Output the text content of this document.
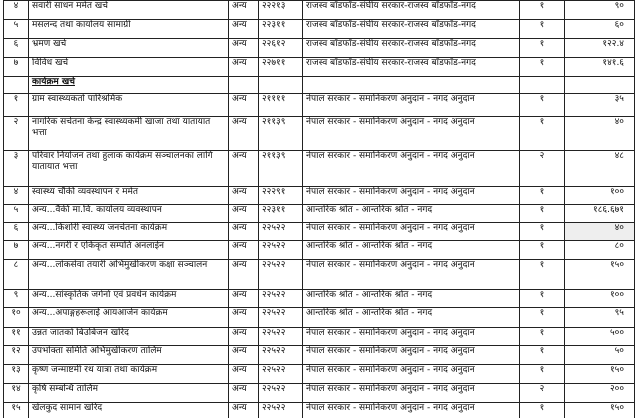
४	सवारी साधन मर्मत खर्च	अन्य	२२२१३	राजस्व बाँडफाँड-संघीय सरकार-राजस्व बाँडफाँड-नगद	१	९०
५	मसलन्द तथा कार्यालय सामाग्री	अन्य	२२३११	राजस्व बाँडफाँड-संघीय सरकार-राजस्व बाँडफाँड-नगद	१	६०
६	भ्रमण खर्च	अन्य	२२६१२	राजस्व बाँडफाँड-संघीय सरकार-राजस्व बाँडफाँड-नगद	१	१२२.४
७	विविध खर्च	अन्य	२२७११	राजस्व बाँडफाँड-संघीय सरकार-राजस्व बाँडफाँड-नगद	१	१४१.६
	कार्यक्रम खर्च					
१	ग्राम स्वास्थ्यकर्ता पारिश्रमिक	अन्य	२११११	नेपाल सरकार - समानिकरण अनुदान - नगद अनुदान	१	३५
२	नागरिक सचेतना केन्द्र स्वास्थ्यकर्मी खाजा तथा यातायात भत्ता	अन्य	२११३९	नेपाल सरकार - समानिकरण अनुदान - नगद अनुदान	१	४०
३	परिवार नियोजन तथा हुलाक कार्यक्रम सञ्चालनका लागि यातायात भत्ता	अन्य	२११३९	नेपाल सरकार - समानिकरण अनुदान - नगद अनुदान	२	४८
४	स्वास्थ्य चौकी व्यवस्थापन र मर्मत	अन्य	२२२९१	नेपाल सरकार - समानिकरण अनुदान - नगद अनुदान	१	१००
५	अन्य...वैकी मा.वि. कार्यालय व्यवस्थापन	अन्य	२२३११	आन्तरिक श्रोत - आन्तरिक श्रोत - नगद	१	१८६.६७१
६	अन्य...किशोरी स्वास्थ्य जनचेतना कार्यक्रम	अन्य	२२५२२	नेपाल सरकार - समानिकरण अनुदान - नगद अनुदान	१	४०
७	अन्य...नगरी र एकिकृत सम्पति अनलाईन	अन्य	२२५२२	आन्तरिक श्रोत - आन्तरिक श्रोत - नगद	१	८०
८	अन्य...लोकसेवा तयारी अभिमुखीकरण कक्षा सञ्चालन	अन्य	२२५२२	नेपाल सरकार - समानिकरण अनुदान - नगद अनुदान	१	१५०
९	अन्य...सांस्कृतिक जगेर्ना एवं प्रवर्धन कार्यक्रम	अन्य	२२५२२	आन्तरिक श्रोत - आन्तरिक श्रोत - नगद	१	१००
१०	अन्य...अपाङ्गहरूलाई आयआर्जन कार्यक्रम	अन्य	२२५२२	आन्तरिक श्रोत - आन्तरिक श्रोत - नगद	१	९५
११	उन्नत जातको बिउबिजन खरिद	अन्य	२२५२२	नेपाल सरकार - समानिकरण अनुदान - नगद अनुदान	१	५००
१२	उपभोक्ता समिति अभिमुखीकरण तालिम	अन्य	२२५२२	नेपाल सरकार - समानिकरण अनुदान - नगद अनुदान	१	५०
१३	कृष्ण जन्माष्टमी रथ यात्रा तथा कार्यक्रम	अन्य	२२५२२	नेपाल सरकार - समानिकरण अनुदान - नगद अनुदान	१	१५०
१४	कृषि सम्बन्धि तालिम	अन्य	२२५२२	नेपाल सरकार - समानिकरण अनुदान - नगद अनुदान	२	२००
१५	खेलकुद सामान खरिद	अन्य	२२५२२	नेपाल सरकार - समानिकरण अनुदान - नगद अनुदान	१	१५०
